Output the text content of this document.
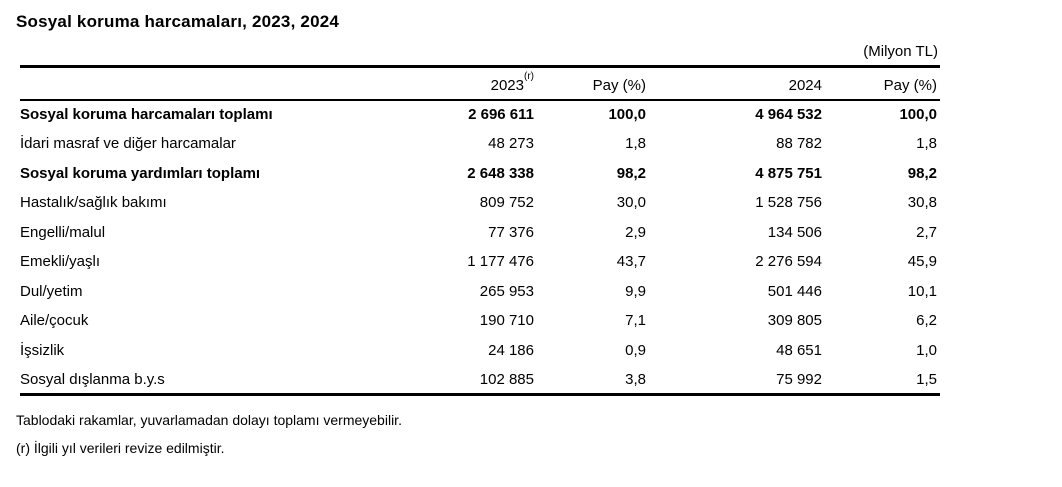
Sosyal koruma harcamaları, 2023, 2024
(Milyon TL)
	2023$^{(r)}$	Pay (%)	2024	Pay (%)
Sosyal koruma harcamaları toplamı	2 696 611	100,0	4 964 532	100,0
İdari masraf ve diğer harcamalar	48 273	1,8	88 782	1,8
Sosyal koruma yardımları toplamı	2 648 338	98,2	4 875 751	98,2
Hastalık/sağlık bakımı	809 752	30,0	1 528 756	30,8
Engelli/malul	77 376	2,9	134 506	2,7
Emekli/yaşlı	1 177 476	43,7	2 276 594	45,9
Dul/yetim	265 953	9,9	501 446	10,1
Aile/çocuk	190 710	7,1	309 805	6,2
İşsizlik	24 186	0,9	48 651	1,0
Sosyal dışlanma b.y.s	102 885	3,8	75 992	1,5
Tablodaki rakamlar, yuvarlamadan dolayı toplamı vermeyebilir.
(r) İlgili yıl verileri revize edilmiştir.
